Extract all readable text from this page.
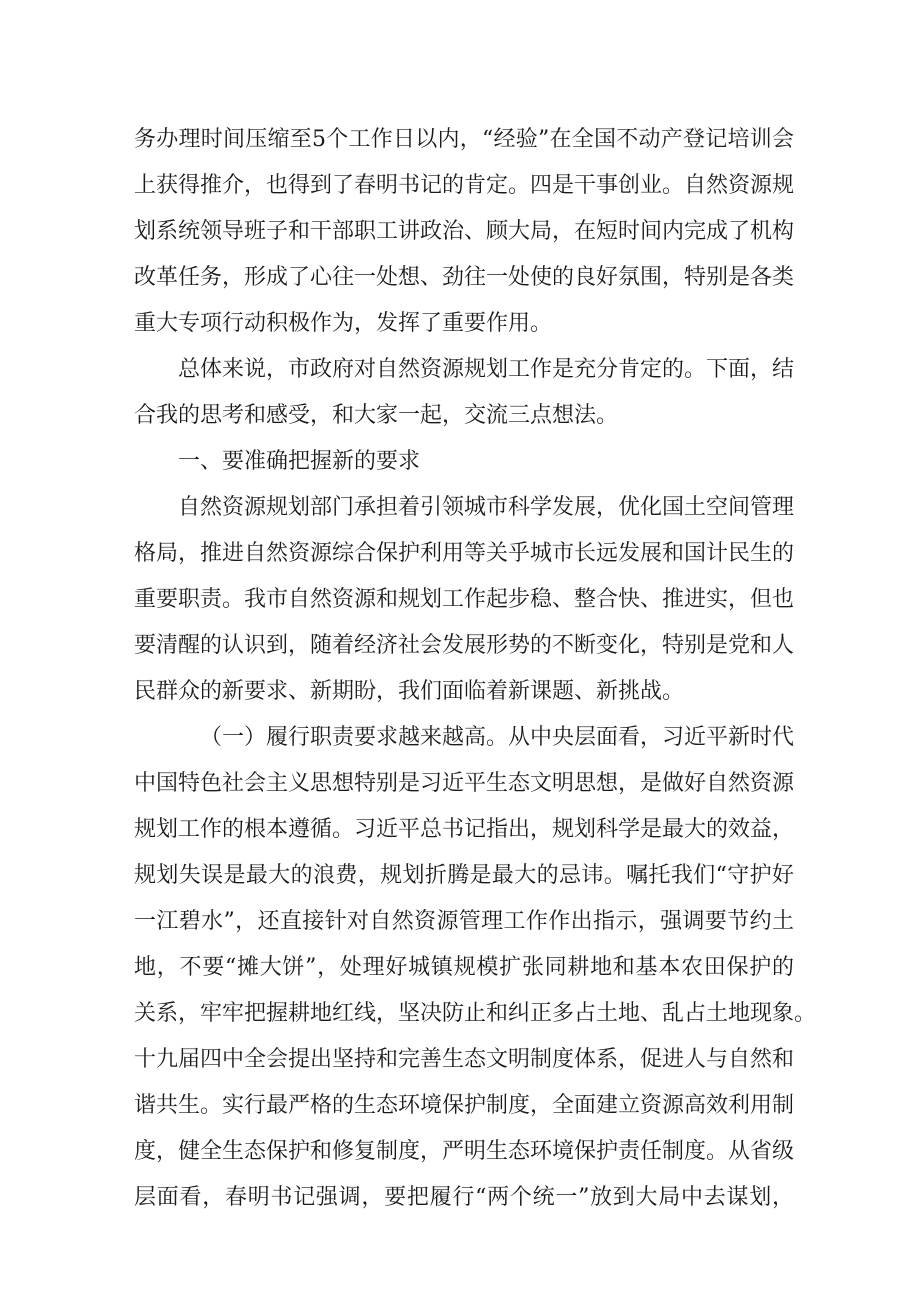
务办理时间压缩至5个工作日以内，“经验”在全国不动产登记培训会
上获得推介，也得到了春明书记的肯定。四是干事创业。自然资源规
划系统领导班子和干部职工讲政治、顾大局，在短时间内完成了机构
改革任务，形成了心往一处想、劲往一处使的良好氛围，特别是各类
重大专项行动积极作为，发挥了重要作用。
总体来说，市政府对自然资源规划工作是充分肯定的。下面，结
合我的思考和感受，和大家一起，交流三点想法。
一、要准确把握新的要求
自然资源规划部门承担着引领城市科学发展，优化国土空间管理
格局，推进自然资源综合保护利用等关乎城市长远发展和国计民生的
重要职责。我市自然资源和规划工作起步稳、整合快、推进实，但也
要清醒的认识到，随着经济社会发展形势的不断变化，特别是党和人
民群众的新要求、新期盼，我们面临着新课题、新挑战。
（一）履行职责要求越来越高。从中央层面看，习近平新时代
中国特色社会主义思想特别是习近平生态文明思想，是做好自然资源
规划工作的根本遵循。习近平总书记指出，规划科学是最大的效益，
规划失误是最大的浪费，规划折腾是最大的忌讳。嘱托我们“守护好
一江碧水”，还直接针对自然资源管理工作作出指示，强调要节约土
地，不要“摊大饼”，处理好城镇规模扩张同耕地和基本农田保护的
关系，牢牢把握耕地红线，坚决防止和纠正多占土地、乱占土地现象。
十九届四中全会提出坚持和完善生态文明制度体系，促进人与自然和
谐共生。实行最严格的生态环境保护制度，全面建立资源高效利用制
度，健全生态保护和修复制度，严明生态环境保护责任制度。从省级
层面看，春明书记强调，要把履行“两个统一”放到大局中去谋划，
